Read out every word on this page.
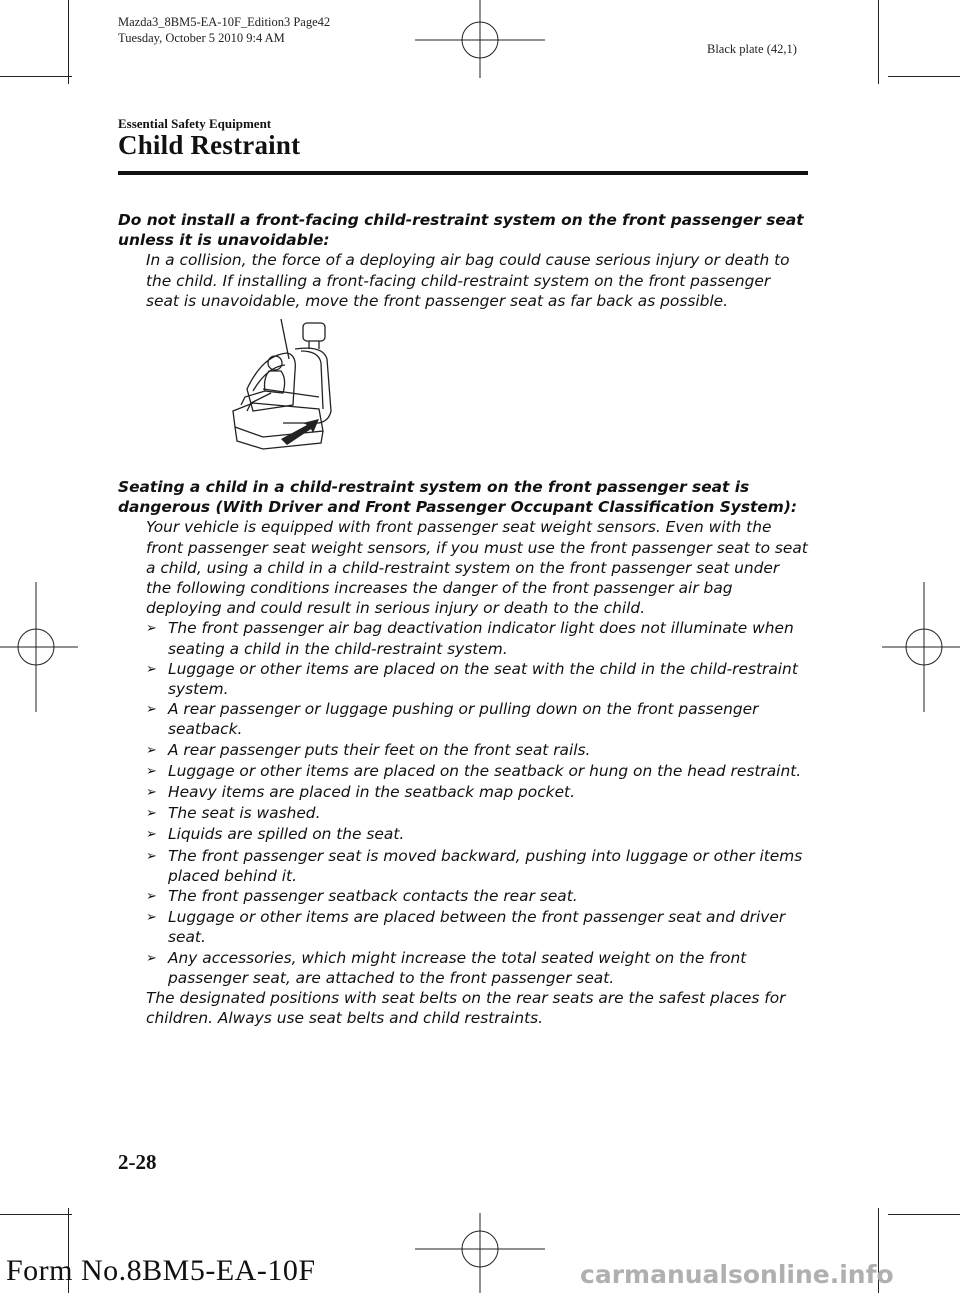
Mazda3_8BM5-EA-10F_Edition3 Page42
Tuesday, October 5 2010 9:4 AM
Black plate (42,1)
Essential Safety Equipment
Child Restraint
Do not install a front-facing child-restraint system on the front passenger seat unless it is unavoidable:
In a collision, the force of a deploying air bag could cause serious injury or death to the child. If installing a front-facing child-restraint system on the front passenger seat is unavoidable, move the front passenger seat as far back as possible.
Seating a child in a child-restraint system on the front passenger seat is dangerous (With Driver and Front Passenger Occupant Classification System):
Your vehicle is equipped with front passenger seat weight sensors. Even with the front passenger seat weight sensors, if you must use the front passenger seat to seat a child, using a child in a child-restraint system on the front passenger seat under the following conditions increases the danger of the front passenger air bag deploying and could result in serious injury or death to the child.
➢ The front passenger air bag deactivation indicator light does not illuminate when seating a child in the child-restraint system.
➢ Luggage or other items are placed on the seat with the child in the child-restraint system.
➢ A rear passenger or luggage pushing or pulling down on the front passenger seatback.
➢ A rear passenger puts their feet on the front seat rails.
➢ Luggage or other items are placed on the seatback or hung on the head restraint.
➢ Heavy items are placed in the seatback map pocket.
➢ The seat is washed.
➢ Liquids are spilled on the seat.
➢ The front passenger seat is moved backward, pushing into luggage or other items placed behind it.
➢ The front passenger seatback contacts the rear seat.
➢ Luggage or other items are placed between the front passenger seat and driver seat.
➢ Any accessories, which might increase the total seated weight on the front passenger seat, are attached to the front passenger seat.
The designated positions with seat belts on the rear seats are the safest places for children. Always use seat belts and child restraints.
2-28
Form No.8BM5-EA-10F	carmanualsonline.info
